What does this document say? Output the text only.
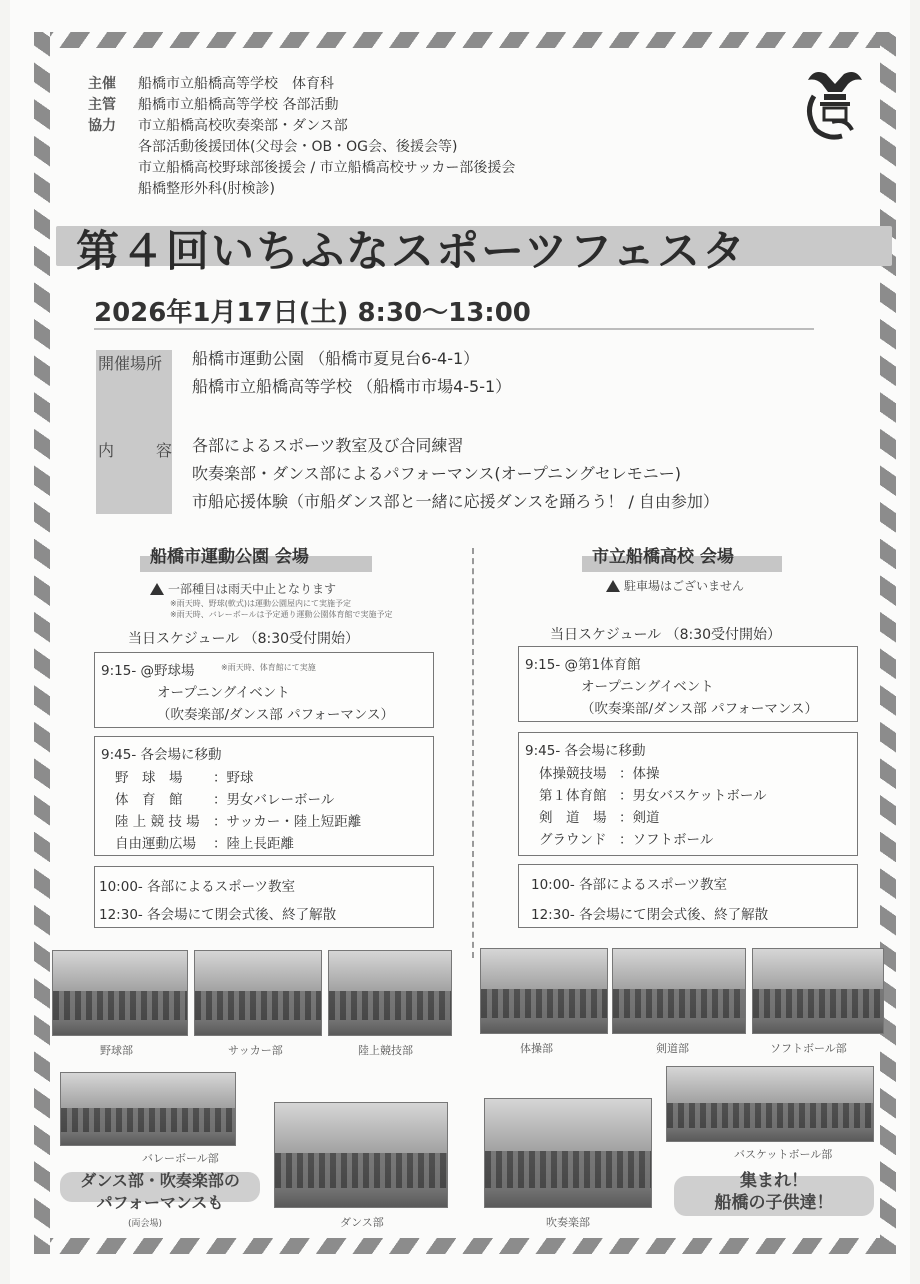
主催	船橋市立船橋高等学校　体育科
主管	船橋市立船橋高等学校 各部活動
協力	市立船橋高校吹奏楽部・ダンス部
各部活動後援団体(父母会・OB・OG会、後援会等)
市立船橋高校野球部後援会 / 市立船橋高校サッカー部後援会
船橋整形外科(肘検診)
第４回いちふなスポーツフェスタ
2026年1月17日(土) 8:30～13:00
開催場所 船橋市運動公園 （船橋市夏見台6-4-1）
船橋市立船橋高等学校 （船橋市市場4-5-1）
内	容 各部によるスポーツ教室及び合同練習
吹奏楽部・ダンス部によるパフォーマンス(オープニングセレモニー)
市船応援体験（市船ダンス部と一緒に応援ダンスを踊ろう！ / 自由参加）
船橋市運動公園 会場
一部種目は雨天中止となります
※雨天時、野球(軟式)は運動公園屋内にて実施予定
※雨天時、バレーボールは予定通り運動公園体育館で実施予定
当日スケジュール （8:30受付開始）
9:15- @野球場	※雨天時、体育館にて実施
オープニングイベント
（吹奏楽部/ダンス部 パフォーマンス）
9:45- 各会場に移動
野　球　場 ：野球
体　育　館 ：男女バレーボール
陸 上 競 技 場 ：サッカー・陸上短距離
自由運動広場 ：陸上長距離
10:00- 各部によるスポーツ教室
12:30- 各会場にて閉会式後、終了解散
市立船橋高校 会場
駐車場はございません
当日スケジュール （8:30受付開始）
9:15- @第1体育館
オープニングイベント
（吹奏楽部/ダンス部 パフォーマンス）
9:45- 各会場に移動
体操競技場 ：体操
第１体育館 ：男女バスケットボール
剣　道　場 ：剣道
グラウンド ：ソフトボール
10:00- 各部によるスポーツ教室
12:30- 各会場にて閉会式後、終了解散
野球部	サッカー部	陸上競技部	体操部	剣道部	ソフトボール部
バレーボール部
ダンス部	吹奏楽部
バスケットボール部
ダンス部・吹奏楽部の
パフォーマンスも
(両会場)
集まれ！
船橋の子供達！
